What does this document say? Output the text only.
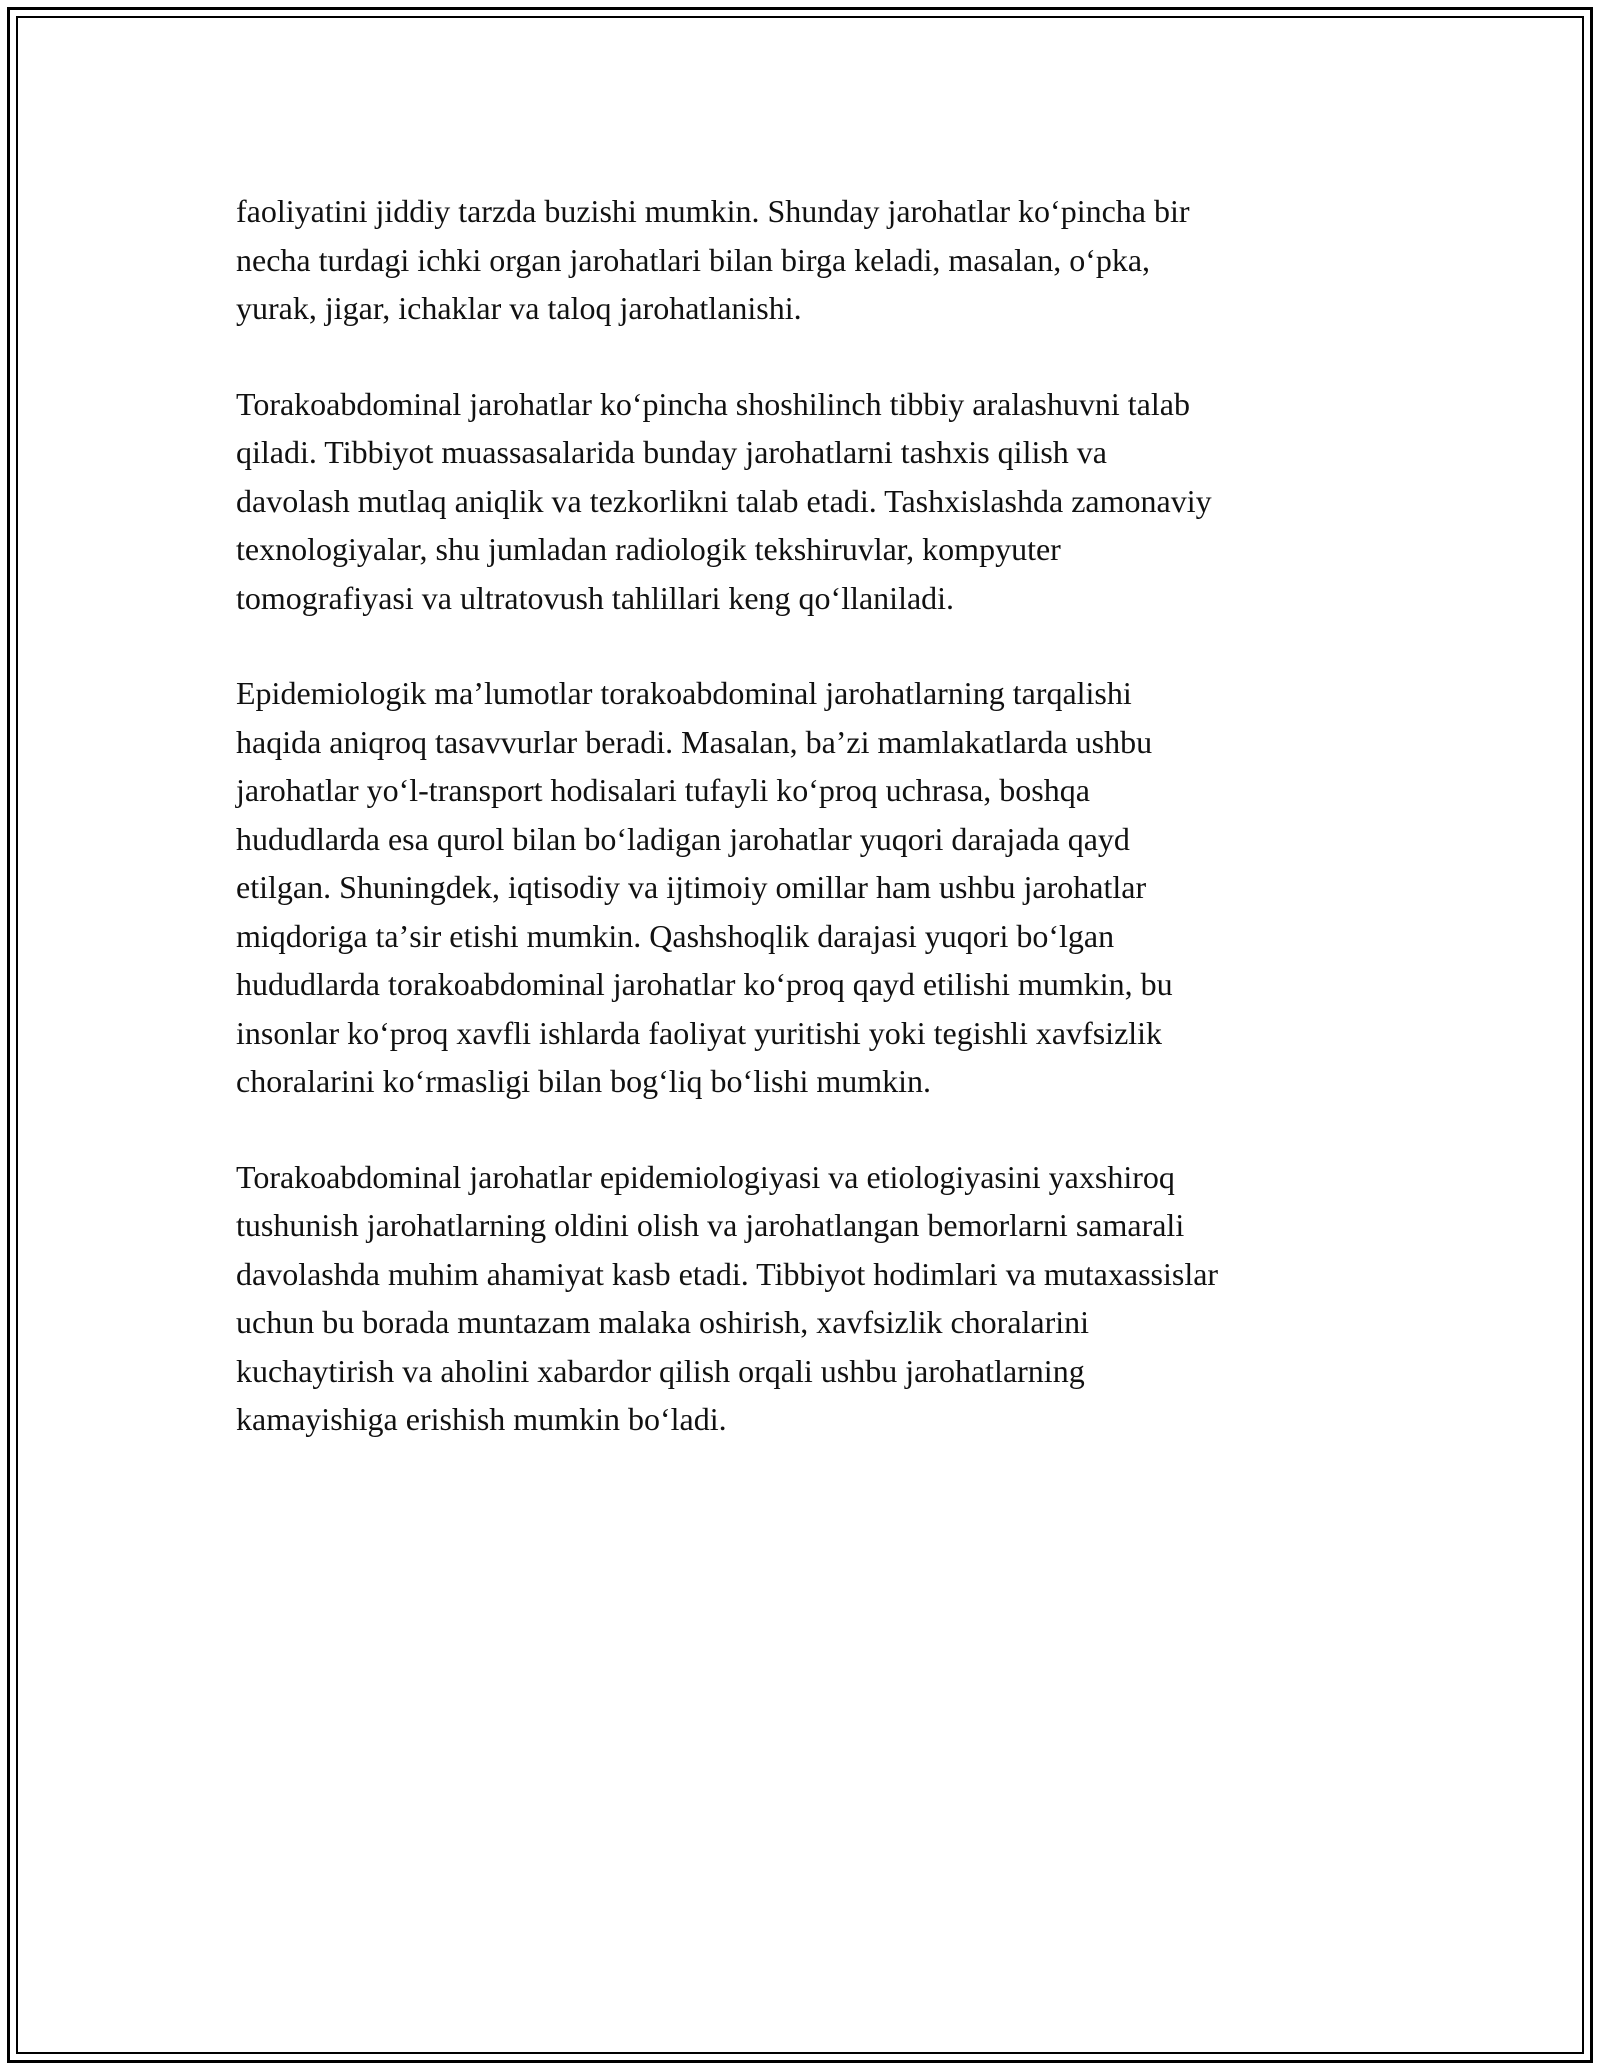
faoliyatini jiddiy tarzda buzishi mumkin. Shunday jarohatlar koʻpincha bir
necha turdagi ichki organ jarohatlari bilan birga keladi, masalan, oʻpka,
yurak, jigar, ichaklar va taloq jarohatlanishi.

Torakoabdominal jarohatlar koʻpincha shoshilinch tibbiy aralashuvni talab
qiladi. Tibbiyot muassasalarida bunday jarohatlarni tashxis qilish va
davolash mutlaq aniqlik va tezkorlikni talab etadi. Tashxislashda zamonaviy
texnologiyalar, shu jumladan radiologik tekshiruvlar, kompyuter
tomografiyasi va ultratovush tahlillari keng qoʻllaniladi.

Epidemiologik maʼlumotlar torakoabdominal jarohatlarning tarqalishi
haqida aniqroq tasavvurlar beradi. Masalan, baʼzi mamlakatlarda ushbu
jarohatlar yoʻl-transport hodisalari tufayli koʻproq uchrasa, boshqa
hududlarda esa qurol bilan boʻladigan jarohatlar yuqori darajada qayd
etilgan. Shuningdek, iqtisodiy va ijtimoiy omillar ham ushbu jarohatlar
miqdoriga taʼsir etishi mumkin. Qashshoqlik darajasi yuqori boʻlgan
hududlarda torakoabdominal jarohatlar koʻproq qayd etilishi mumkin, bu
insonlar koʻproq xavfli ishlarda faoliyat yuritishi yoki tegishli xavfsizlik
choralarini koʻrmasligi bilan bogʻliq boʻlishi mumkin.

Torakoabdominal jarohatlar epidemiologiyasi va etiologiyasini yaxshiroq
tushunish jarohatlarning oldini olish va jarohatlangan bemorlarni samarali
davolashda muhim ahamiyat kasb etadi. Tibbiyot hodimlari va mutaxassislar
uchun bu borada muntazam malaka oshirish, xavfsizlik choralarini
kuchaytirish va aholini xabardor qilish orqali ushbu jarohatlarning
kamayishiga erishish mumkin boʻladi.
